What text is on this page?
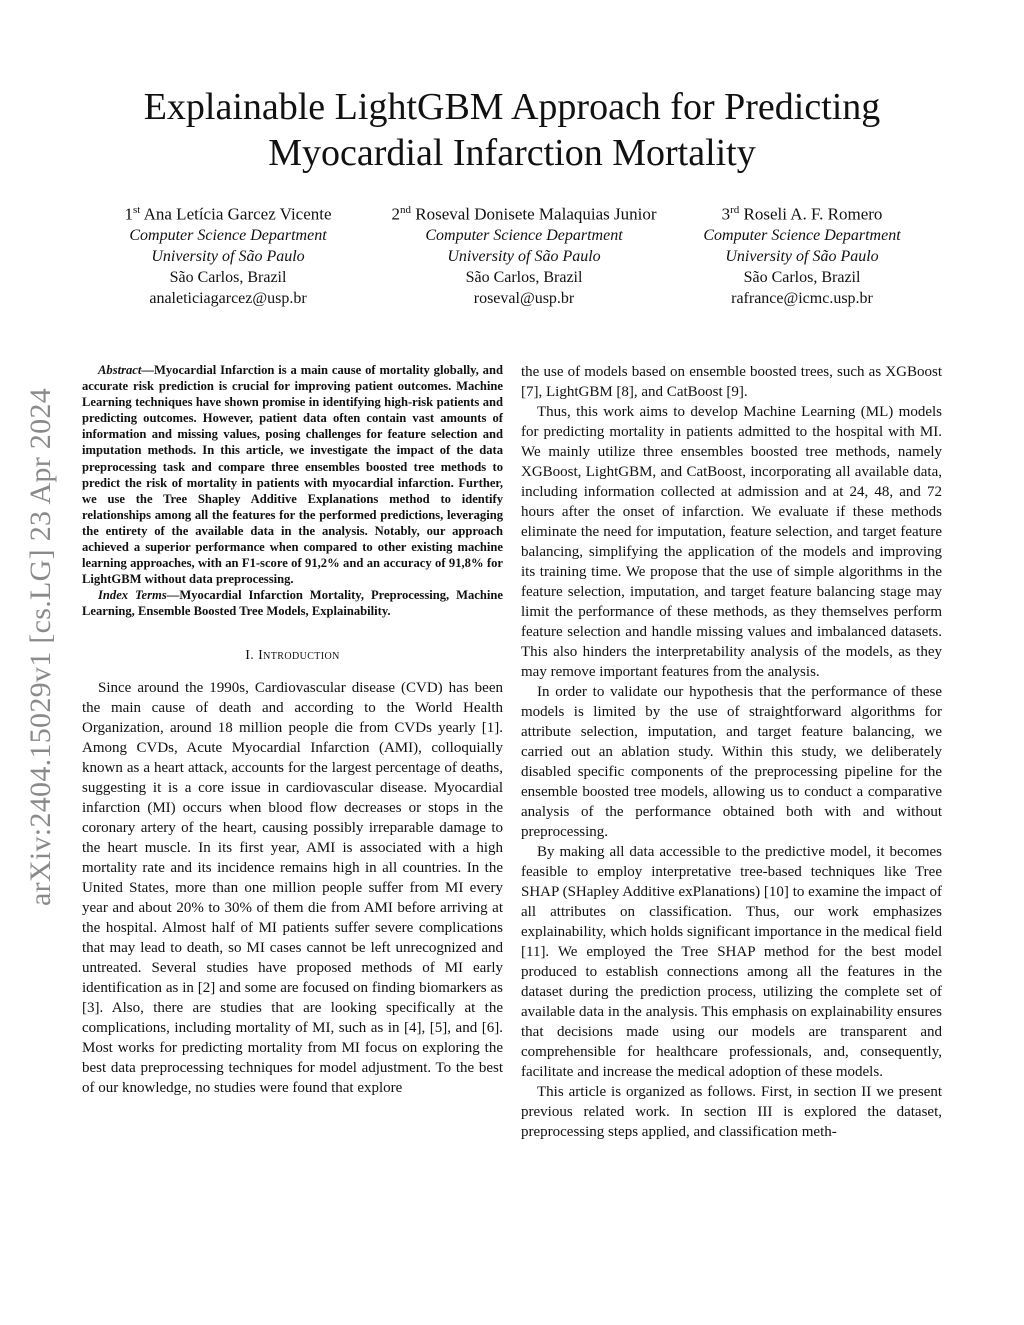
arXiv:2404.15029v1 [cs.LG] 23 Apr 2024
Explainable LightGBM Approach for Predicting
Myocardial Infarction Mortality
1st Ana Letícia Garcez Vicente
Computer Science Department
University of São Paulo
São Carlos, Brazil
analeticiagarcez@usp.br
2nd Roseval Donisete Malaquias Junior
Computer Science Department
University of São Paulo
São Carlos, Brazil
roseval@usp.br
3rd Roseli A. F. Romero
Computer Science Department
University of São Paulo
São Carlos, Brazil
rafrance@icmc.usp.br

Abstract—Myocardial Infarction is a main cause of mortality globally, and accurate risk prediction is crucial for improving patient outcomes. Machine Learning techniques have shown promise in identifying high-risk patients and predicting outcomes. However, patient data often contain vast amounts of information and missing values, posing challenges for feature selection and imputation methods. In this article, we investigate the impact of the data preprocessing task and compare three ensembles boosted tree methods to predict the risk of mortality in patients with myocardial infarction. Further, we use the Tree Shapley Additive Explanations method to identify relationships among all the features for the performed predictions, leveraging the entirety of the available data in the analysis. Notably, our approach achieved a superior performance when compared to other existing machine learning approaches, with an F1-score of 91,2% and an accuracy of 91,8% for LightGBM without data preprocessing.

Index Terms—Myocardial Infarction Mortality, Preprocessing, Machine Learning, Ensemble Boosted Tree Models, Explainability.

I. Introduction

Since around the 1990s, Cardiovascular disease (CVD) has been the main cause of death and according to the World Health Organization, around 18 million people die from CVDs yearly [1]. Among CVDs, Acute Myocardial Infarction (AMI), colloquially known as a heart attack, accounts for the largest percentage of deaths, suggesting it is a core issue in cardiovascular disease. Myocardial infarction (MI) occurs when blood flow decreases or stops in the coronary artery of the heart, causing possibly irreparable damage to the heart muscle. In its first year, AMI is associated with a high mortality rate and its incidence remains high in all countries. In the United States, more than one million people suffer from MI every year and about 20% to 30% of them die from AMI before arriving at the hospital. Almost half of MI patients suffer severe complications that may lead to death, so MI cases cannot be left unrecognized and untreated. Several studies have proposed methods of MI early identification as in [2] and some are focused on finding biomarkers as [3]. Also, there are studies that are looking specifically at the complications, including mortality of MI, such as in [4], [5], and [6]. Most works for predicting mortality from MI focus on exploring the best data preprocessing techniques for model adjustment. To the best of our knowledge, no studies were found that explore

the use of models based on ensemble boosted trees, such as XGBoost [7], LightGBM [8], and CatBoost [9].

Thus, this work aims to develop Machine Learning (ML) models for predicting mortality in patients admitted to the hospital with MI. We mainly utilize three ensembles boosted tree methods, namely XGBoost, LightGBM, and CatBoost, incorporating all available data, including information collected at admission and at 24, 48, and 72 hours after the onset of infarction. We evaluate if these methods eliminate the need for imputation, feature selection, and target feature balancing, simplifying the application of the models and improving its training time. We propose that the use of simple algorithms in the feature selection, imputation, and target feature balancing stage may limit the performance of these methods, as they themselves perform feature selection and handle missing values and imbalanced datasets. This also hinders the interpretability analysis of the models, as they may remove important features from the analysis.

In order to validate our hypothesis that the performance of these models is limited by the use of straightforward algorithms for attribute selection, imputation, and target feature balancing, we carried out an ablation study. Within this study, we deliberately disabled specific components of the preprocessing pipeline for the ensemble boosted tree models, allowing us to conduct a comparative analysis of the performance obtained both with and without preprocessing.

By making all data accessible to the predictive model, it becomes feasible to employ interpretative tree-based techniques like Tree SHAP (SHapley Additive exPlanations) [10] to examine the impact of all attributes on classification. Thus, our work emphasizes explainability, which holds significant importance in the medical field [11]. We employed the Tree SHAP method for the best model produced to establish connections among all the features in the dataset during the prediction process, utilizing the complete set of available data in the analysis. This emphasis on explainability ensures that decisions made using our models are transparent and comprehensible for healthcare professionals, and, consequently, facilitate and increase the medical adoption of these models.

This article is organized as follows. First, in section II we present previous related work. In section III is explored the dataset, preprocessing steps applied, and classification meth-
